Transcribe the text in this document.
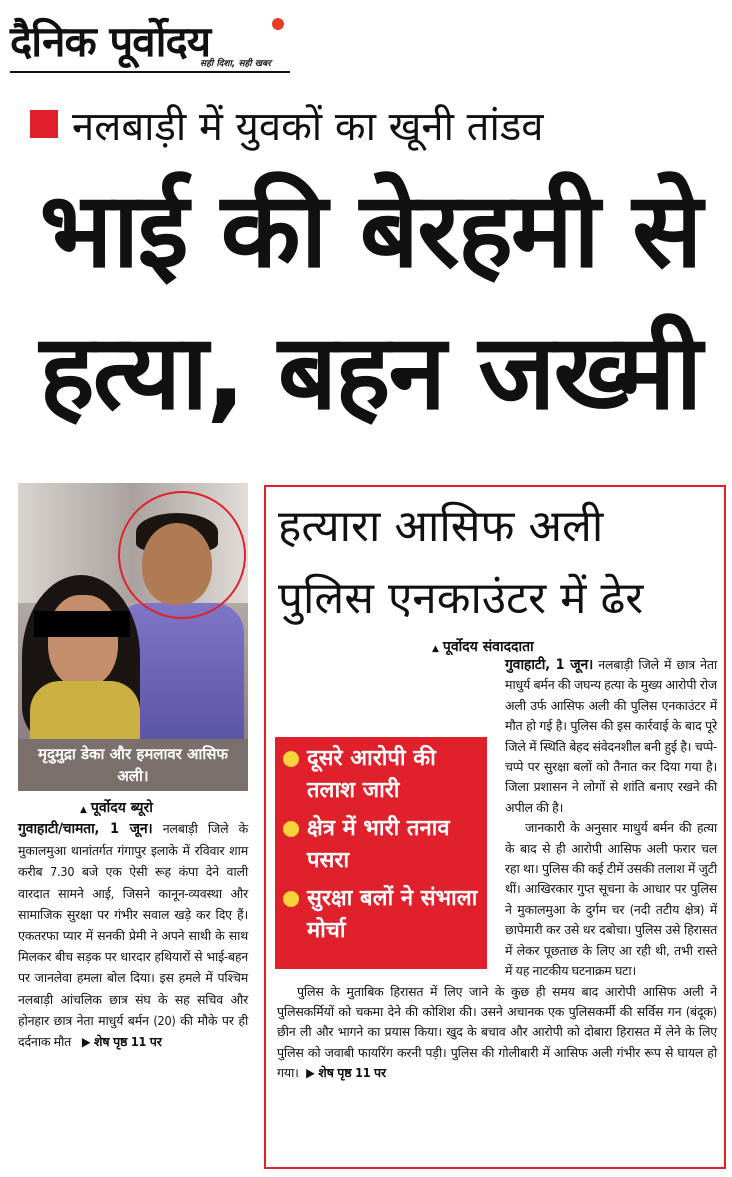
दैनिक पूर्वोदय
सही दिशा, सही खबर
नलबाड़ी में युवकों का खूनी तांडव
भाई की बेरहमी से
हत्या, बहन जख्मी
मृदुमुद्रा डेका और हमलावर आसिफ अली।
▲ पूर्वोदय ब्यूरो
गुवाहाटी/चामता, 1 जून। नलबाड़ी जिले के मुकालमुआ थानांतर्गत गंगापुर इलाके में रविवार शाम करीब 7.30 बजे एक ऐसी रूह कंपा देने वाली वारदात सामने आई, जिसने कानून-व्यवस्था और सामाजिक सुरक्षा पर गंभीर सवाल खड़े कर दिए हैं। एकतरफा प्यार में सनकी प्रेमी ने अपने साथी के साथ मिलकर बीच सड़क पर धारदार हथियारों से भाई-बहन पर जानलेवा हमला बोल दिया। इस हमले में पश्चिम नलबाड़ी आंचलिक छात्र संघ के सह सचिव और होनहार छात्र नेता माधुर्य बर्मन (20) की मौके पर ही दर्दनाक मौत   ▶ शेष पृष्ठ 11 पर
हत्यारा आसिफ अली
पुलिस एनकाउंटर में ढेर
▲ पूर्वोदय संवाददाता

गुवाहाटी, 1 जून। नलबाड़ी जिले में छात्र नेता माधुर्य बर्मन की जघन्य हत्या के मुख्य आरोपी रोज अली उर्फ आसिफ अली की पुलिस एनकाउंटर में मौत हो गई है। पुलिस की इस कार्रवाई के बाद पूरे जिले में स्थिति बेहद संवेदनशील बनी हुई है। चप्पे-चप्पे पर सुरक्षा बलों को तैनात कर दिया गया है। जिला प्रशासन ने लोगों से शांति बनाए रखने की अपील की है।

जानकारी के अनुसार माधुर्य बर्मन की हत्या के बाद से ही आरोपी आसिफ अली फरार चल रहा था। पुलिस की कई टीमें उसकी तलाश में जुटी थीं। आखिरकार गुप्त सूचना के आधार पर पुलिस ने मुकालमुआ के दुर्गम चर (नदी तटीय क्षेत्र) में छापेमारी कर उसे धर दबोचा। पुलिस उसे हिरासत में लेकर पूछताछ के लिए आ रही थी, तभी रास्ते में यह नाटकीय घटनाक्रम घटा।

पुलिस के मुताबिक हिरासत में लिए जाने के कुछ ही समय बाद आरोपी आसिफ अली ने पुलिसकर्मियों को चकमा देने की कोशिश की। उसने अचानक एक पुलिसकर्मी की सर्विस गन (बंदूक) छीन ली और भागने का प्रयास किया। खुद के बचाव और आरोपी को दोबारा हिरासत में लेने के लिए पुलिस को जवाबी फायरिंग करनी पड़ी। पुलिस की गोलीबारी में आसिफ अली गंभीर रूप से घायल हो गया।  ▶ शेष पृष्ठ 11 पर

दूसरे आरोपी की तलाश जारी
क्षेत्र में भारी तनाव पसरा
सुरक्षा बलों ने संभाला मोर्चा
